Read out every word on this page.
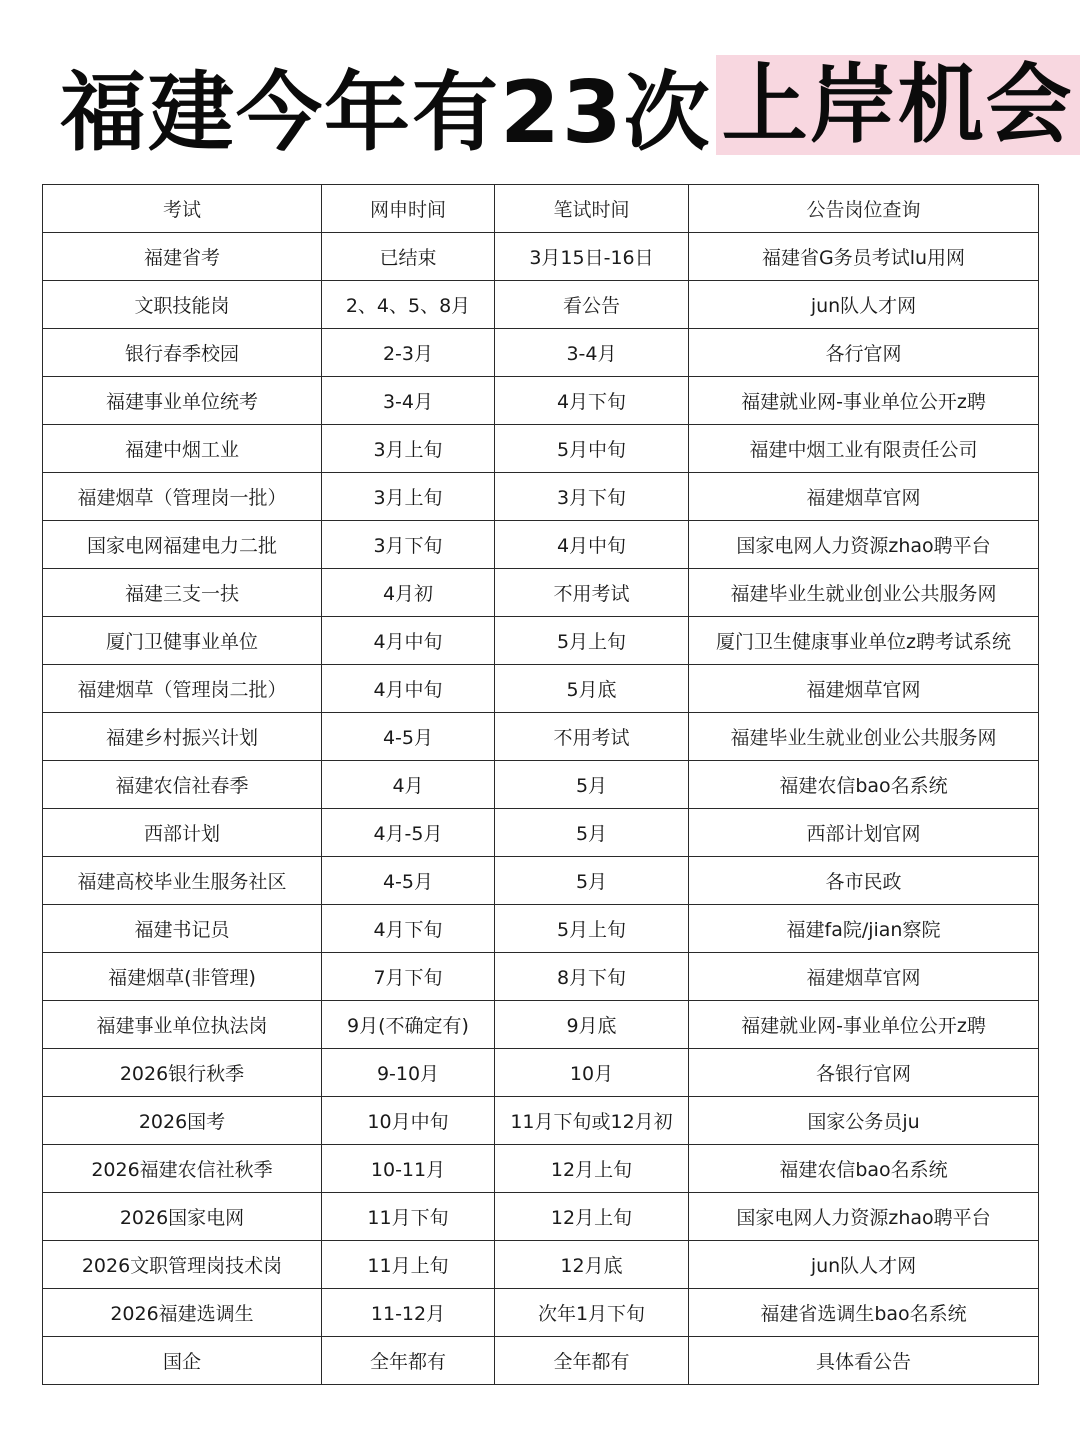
福建今年有23次 上岸机会
考试	网申时间	笔试时间	公告岗位查询
福建省考	已结束	3月15日-16日	福建省G务员考试lu用网
文职技能岗	2、4、5、8月	看公告	jun队人才网
银行春季校园	2-3月	3-4月	各行官网
福建事业单位统考	3-4月	4月下旬	福建就业网-事业单位公开z聘
福建中烟工业	3月上旬	5月中旬	福建中烟工业有限责任公司
福建烟草（管理岗一批）	3月上旬	3月下旬	福建烟草官网
国家电网福建电力二批	3月下旬	4月中旬	国家电网人力资源zhao聘平台
福建三支一扶	4月初	不用考试	福建毕业生就业创业公共服务网
厦门卫健事业单位	4月中旬	5月上旬	厦门卫生健康事业单位z聘考试系统
福建烟草（管理岗二批）	4月中旬	5月底	福建烟草官网
福建乡村振兴计划	4-5月	不用考试	福建毕业生就业创业公共服务网
福建农信社春季	4月	5月	福建农信bao名系统
西部计划	4月-5月	5月	西部计划官网
福建高校毕业生服务社区	4-5月	5月	各市民政
福建书记员	4月下旬	5月上旬	福建fa院/jian察院
福建烟草(非管理)	7月下旬	8月下旬	福建烟草官网
福建事业单位执法岗	9月(不确定有)	9月底	福建就业网-事业单位公开z聘
2026银行秋季	9-10月	10月	各银行官网
2026国考	10月中旬	11月下旬或12月初	国家公务员ju
2026福建农信社秋季	10-11月	12月上旬	福建农信bao名系统
2026国家电网	11月下旬	12月上旬	国家电网人力资源zhao聘平台
2026文职管理岗技术岗	11月上旬	12月底	jun队人才网
2026福建选调生	11-12月	次年1月下旬	福建省选调生bao名系统
国企	全年都有	全年都有	具体看公告
